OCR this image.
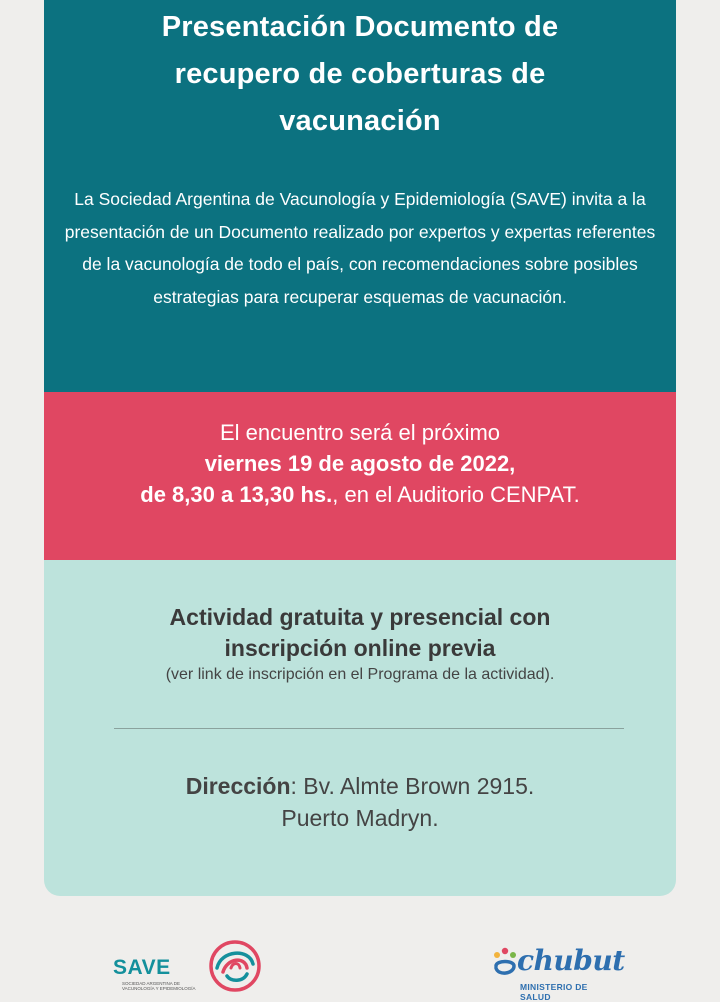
Presentación Documento de
recupero de coberturas de
vacunación

La Sociedad Argentina de Vacunología y Epidemiología (SAVE) invita a la presentación de un Documento realizado por expertos y expertas referentes de la vacunología de todo el país, con recomendaciones sobre posibles estrategias para recuperar esquemas de vacunación.

El encuentro será el próximo
viernes 19 de agosto de 2022,
de 8,30 a 13,30 hs., en el Auditorio CENPAT.

Actividad gratuita y presencial con
inscripción online previa

(ver link de inscripción en el Programa de la actividad).

Dirección: Bv. Almte Brown 2915.
Puerto Madryn.

SAVE
SOCIEDAD ARGENTINA DE VACUNOLOGÍA Y EPIDEMIOLOGÍA
chubut
MINISTERIO DE SALUD
